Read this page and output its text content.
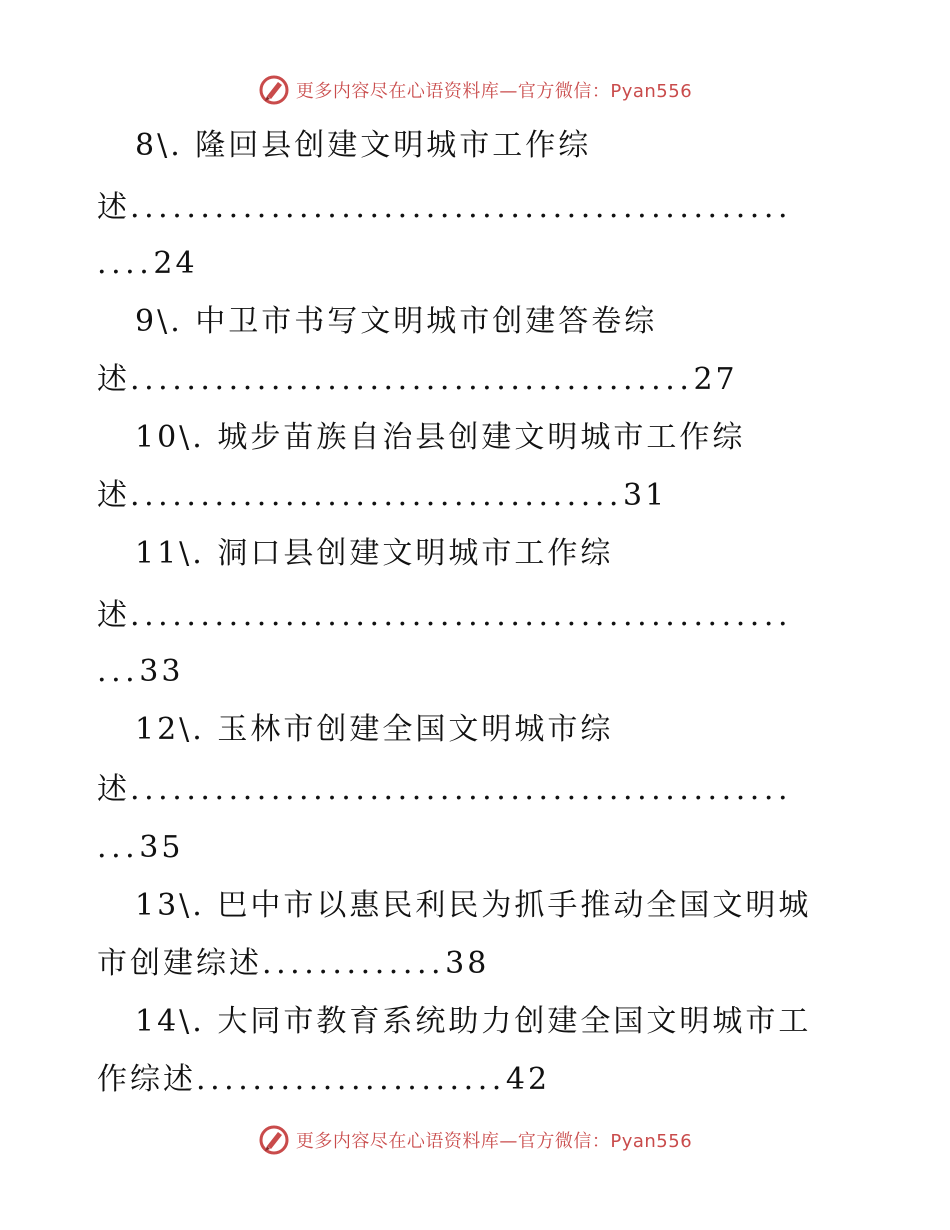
更多内容尽在心语资料库—官方微信：Pyan556
8\. 隆回县创建文明城市工作综
述...............................................
....24
9\. 中卫市书写文明城市创建答卷综
述........................................27
10\. 城步苗族自治县创建文明城市工作综
述...................................31
11\. 洞口县创建文明城市工作综
述...............................................
...33
12\. 玉林市创建全国文明城市综
述...............................................
...35
13\. 巴中市以惠民利民为抓手推动全国文明城
市创建综述.............38
14\. 大同市教育系统助力创建全国文明城市工
作综述......................42
更多内容尽在心语资料库—官方微信：Pyan556
